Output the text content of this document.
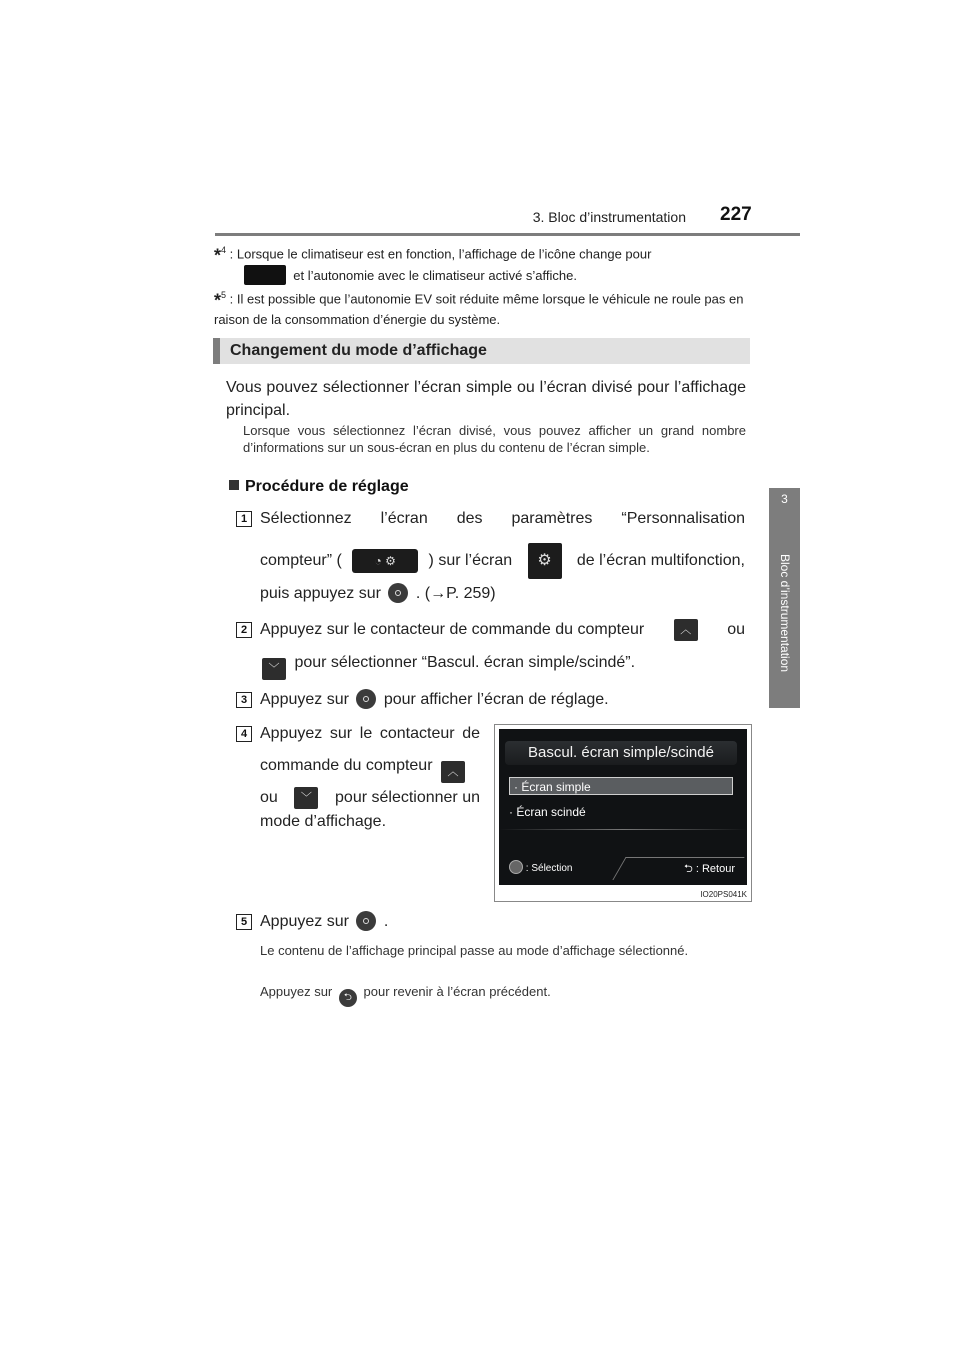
3. Bloc d’instrumentation 227
3
Bloc d’instrumentation
*$^4$ : Lorsque le climatiseur est en fonction, l’affichage de l’icône change pour
et l’autonomie avec le climatiseur activé s’affiche.
*$^5$ : Il est possible que l’autonomie EV soit réduite même lorsque le véhicule ne roule pas en raison de la consommation d’énergie du système.
Changement du mode d’affichage
Vous pouvez sélectionner l’écran simple ou l’écran divisé pour l’affichage principal.
Lorsque vous sélectionnez l’écran divisé, vous pouvez afficher un grand nombre d’informations sur un sous-écran en plus du contenu de l’écran simple.
Procédure de réglage
1 Sélectionnez l’écran des paramètres “Personnalisation
compteur” (	◔ ⚙	) sur l’écran	⚙	de l’écran multifonction,
puis appuyez sur . (→P. 259)
2 Appuyez sur le contacteur de commande du compteur	︿	ou
﹀ pour sélectionner “Bascul. écran simple/scindé”.
3 Appuyez sur pour afficher l’écran de réglage.
4 Appuyez sur le contacteur de
commande du compteur ︿
ou	﹀	pour sélectionner un
mode d’affichage.
Bascul. écran simple/scindé
· Écran simple
· Écran scindé
: Sélection	⮌ : Retour
IO20PS041K
5 Appuyez sur .
Le contenu de l’affichage principal passe au mode d’affichage sélectionné.
Appuyez sur ⮌ pour revenir à l’écran précédent.
